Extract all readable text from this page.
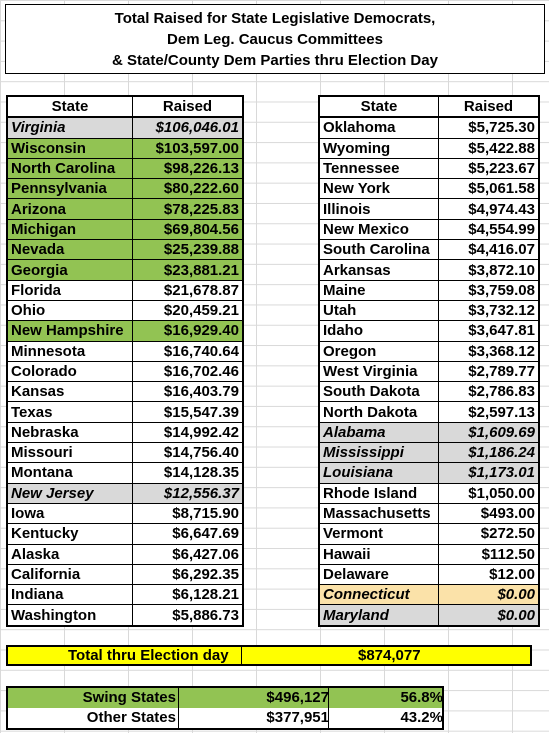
Total Raised for State Legislative Democrats,
Dem Leg. Caucus Committees
& State/County Dem Parties thru Election Day
State	Raised
Virginia	$106,046.01
Wisconsin	$103,597.00
North Carolina	$98,226.13
Pennsylvania	$80,222.60
Arizona	$78,225.83
Michigan	$69,804.56
Nevada	$25,239.88
Georgia	$23,881.21
Florida	$21,678.87
Ohio	$20,459.21
New Hampshire	$16,929.40
Minnesota	$16,740.64
Colorado	$16,702.46
Kansas	$16,403.79
Texas	$15,547.39
Nebraska	$14,992.42
Missouri	$14,756.40
Montana	$14,128.35
New Jersey	$12,556.37
Iowa	$8,715.90
Kentucky	$6,647.69
Alaska	$6,427.06
California	$6,292.35
Indiana	$6,128.21
Washington	$5,886.73
State	Raised
Oklahoma	$5,725.30
Wyoming	$5,422.88
Tennessee	$5,223.67
New York	$5,061.58
Illinois	$4,974.43
New Mexico	$4,554.99
South Carolina	$4,416.07
Arkansas	$3,872.10
Maine	$3,759.08
Utah	$3,732.12
Idaho	$3,647.81
Oregon	$3,368.12
West Virginia	$2,789.77
South Dakota	$2,786.83
North Dakota	$2,597.13
Alabama	$1,609.69
Mississippi	$1,186.24
Louisiana	$1,173.01
Rhode Island	$1,050.00
Massachusetts	$493.00
Vermont	$272.50
Hawaii	$112.50
Delaware	$12.00
Connecticut	$0.00
Maryland	$0.00
Total thru Election day	$874,077
Swing States	$496,127	56.8%
Other States	$377,951	43.2%
